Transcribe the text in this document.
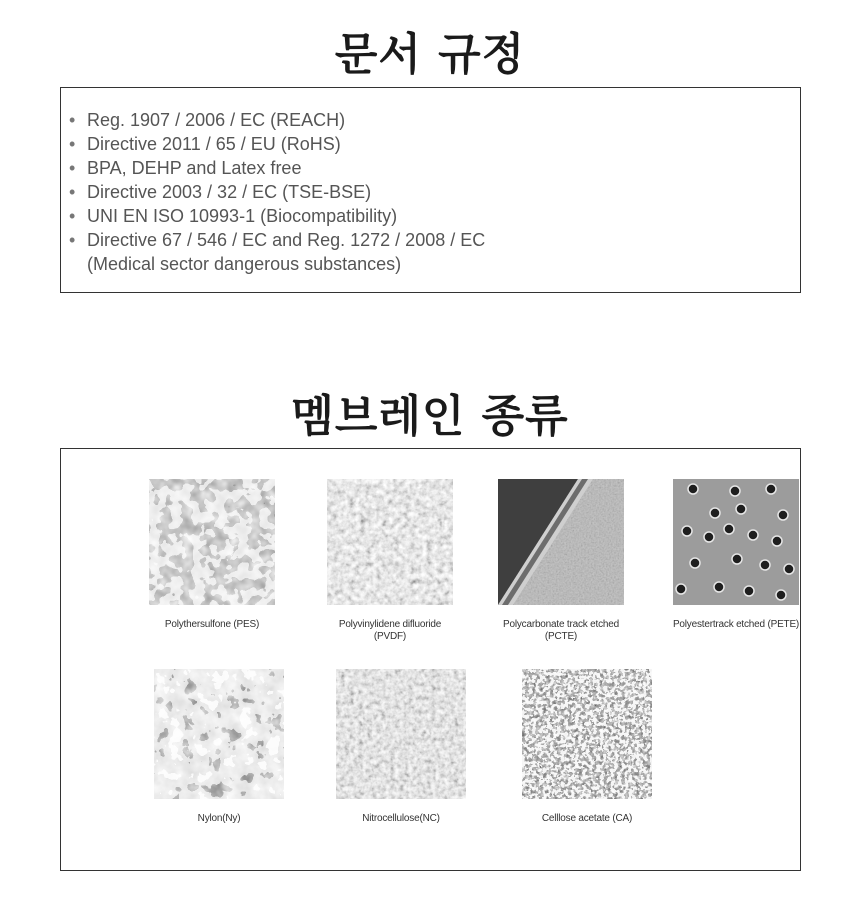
문서 규정
• Reg. 1907 / 2006 / EC (REACH)
• Directive 2011 / 65 / EU (RoHS)
• BPA, DEHP and Latex free
• Directive 2003 / 32 / EC (TSE-BSE)
• UNI EN ISO 10993-1 (Biocompatibility)
• Directive 67 / 546 / EC and Reg. 1272 / 2008 / EC
(Medical sector dangerous substances)
멤브레인 종류
Polythersulfone (PES)	Polyvinylidene difluoride
(PVDF)
Polycarbonate track etched
(PCTE)
Polyestertrack etched (PETE)
Nylon(Ny)	Nitrocellulose(NC)	Celllose acetate (CA)
